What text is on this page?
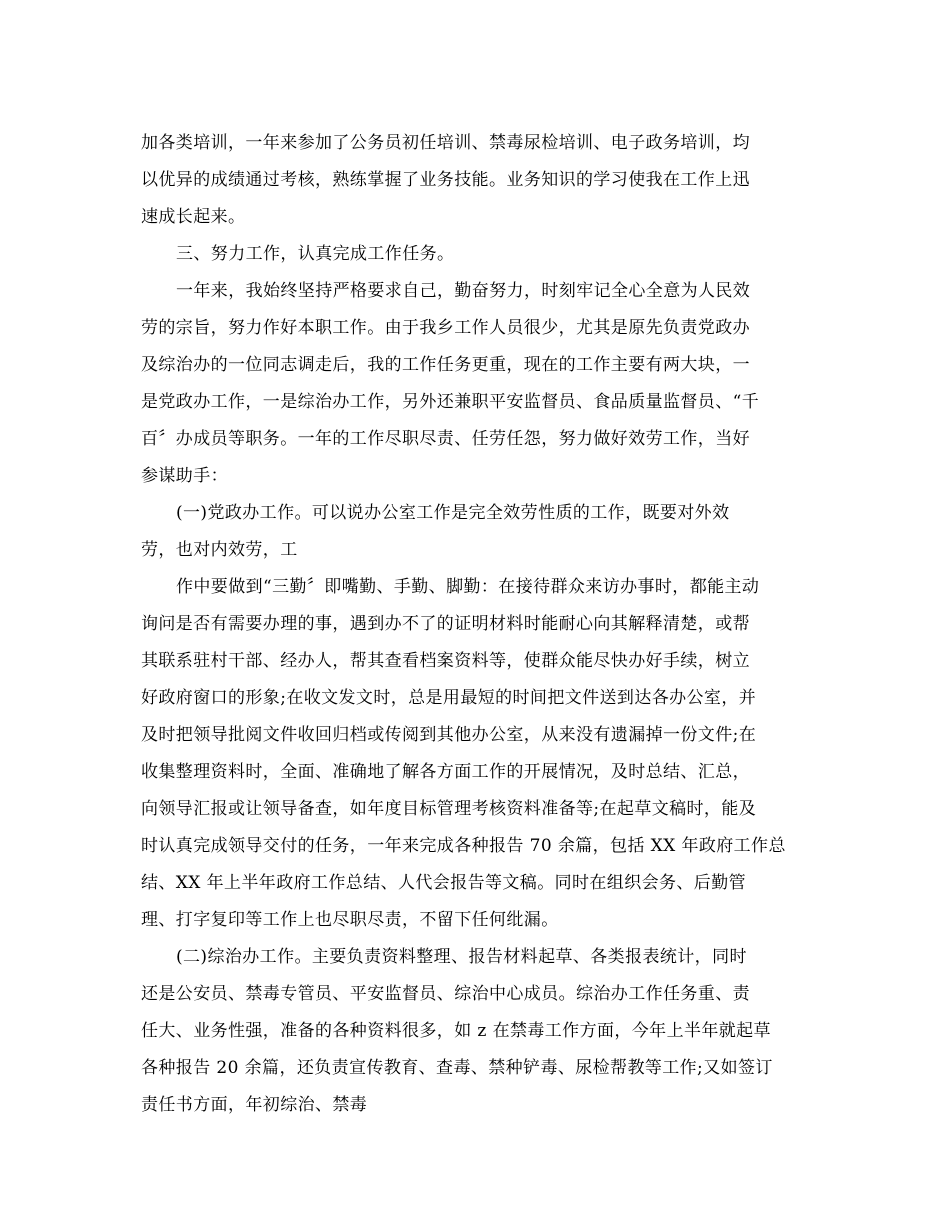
加各类培训，一年来参加了公务员初任培训、禁毒尿检培训、电子政务培训，均
以优异的成绩通过考核，熟练掌握了业务技能。业务知识的学习使我在工作上迅
速成长起来。
三、努力工作，认真完成工作任务。
一年来，我始终坚持严格要求自己，勤奋努力，时刻牢记全心全意为人民效
劳的宗旨，努力作好本职工作。由于我乡工作人员很少，尤其是原先负责党政办
及综治办的一位同志调走后，我的工作任务更重，现在的工作主要有两大块，一
是党政办工作，一是综治办工作，另外还兼职平安监督员、食品质量监督员、“千
百〞办成员等职务。一年的工作尽职尽责、任劳任怨，努力做好效劳工作，当好
参谋助手：
(一)党政办工作。可以说办公室工作是完全效劳性质的工作，既要对外效
劳，也对内效劳，工
作中要做到“三勤〞即嘴勤、手勤、脚勤：在接待群众来访办事时，都能主动
询问是否有需要办理的事，遇到办不了的证明材料时能耐心向其解释清楚，或帮
其联系驻村干部、经办人，帮其查看档案资料等，使群众能尽快办好手续，树立
好政府窗口的形象;在收文发文时，总是用最短的时间把文件送到达各办公室，并
及时把领导批阅文件收回归档或传阅到其他办公室，从来没有遗漏掉一份文件;在
收集整理资料时，全面、准确地了解各方面工作的开展情况，及时总结、汇总，
向领导汇报或让领导备查，如年度目标管理考核资料准备等;在起草文稿时，能及
时认真完成领导交付的任务，一年来完成各种报告 70 余篇，包括 XX 年政府工作总
结、XX 年上半年政府工作总结、人代会报告等文稿。同时在组织会务、后勤管
理、打字复印等工作上也尽职尽责，不留下任何纰漏。
(二)综治办工作。主要负责资料整理、报告材料起草、各类报表统计，同时
还是公安员、禁毒专管员、平安监督员、综治中心成员。综治办工作任务重、责
任大、业务性强，准备的各种资料很多，如 z 在禁毒工作方面，今年上半年就起草
各种报告 20 余篇，还负责宣传教育、查毒、禁种铲毒、尿检帮教等工作;又如签订
责任书方面，年初综治、禁毒
